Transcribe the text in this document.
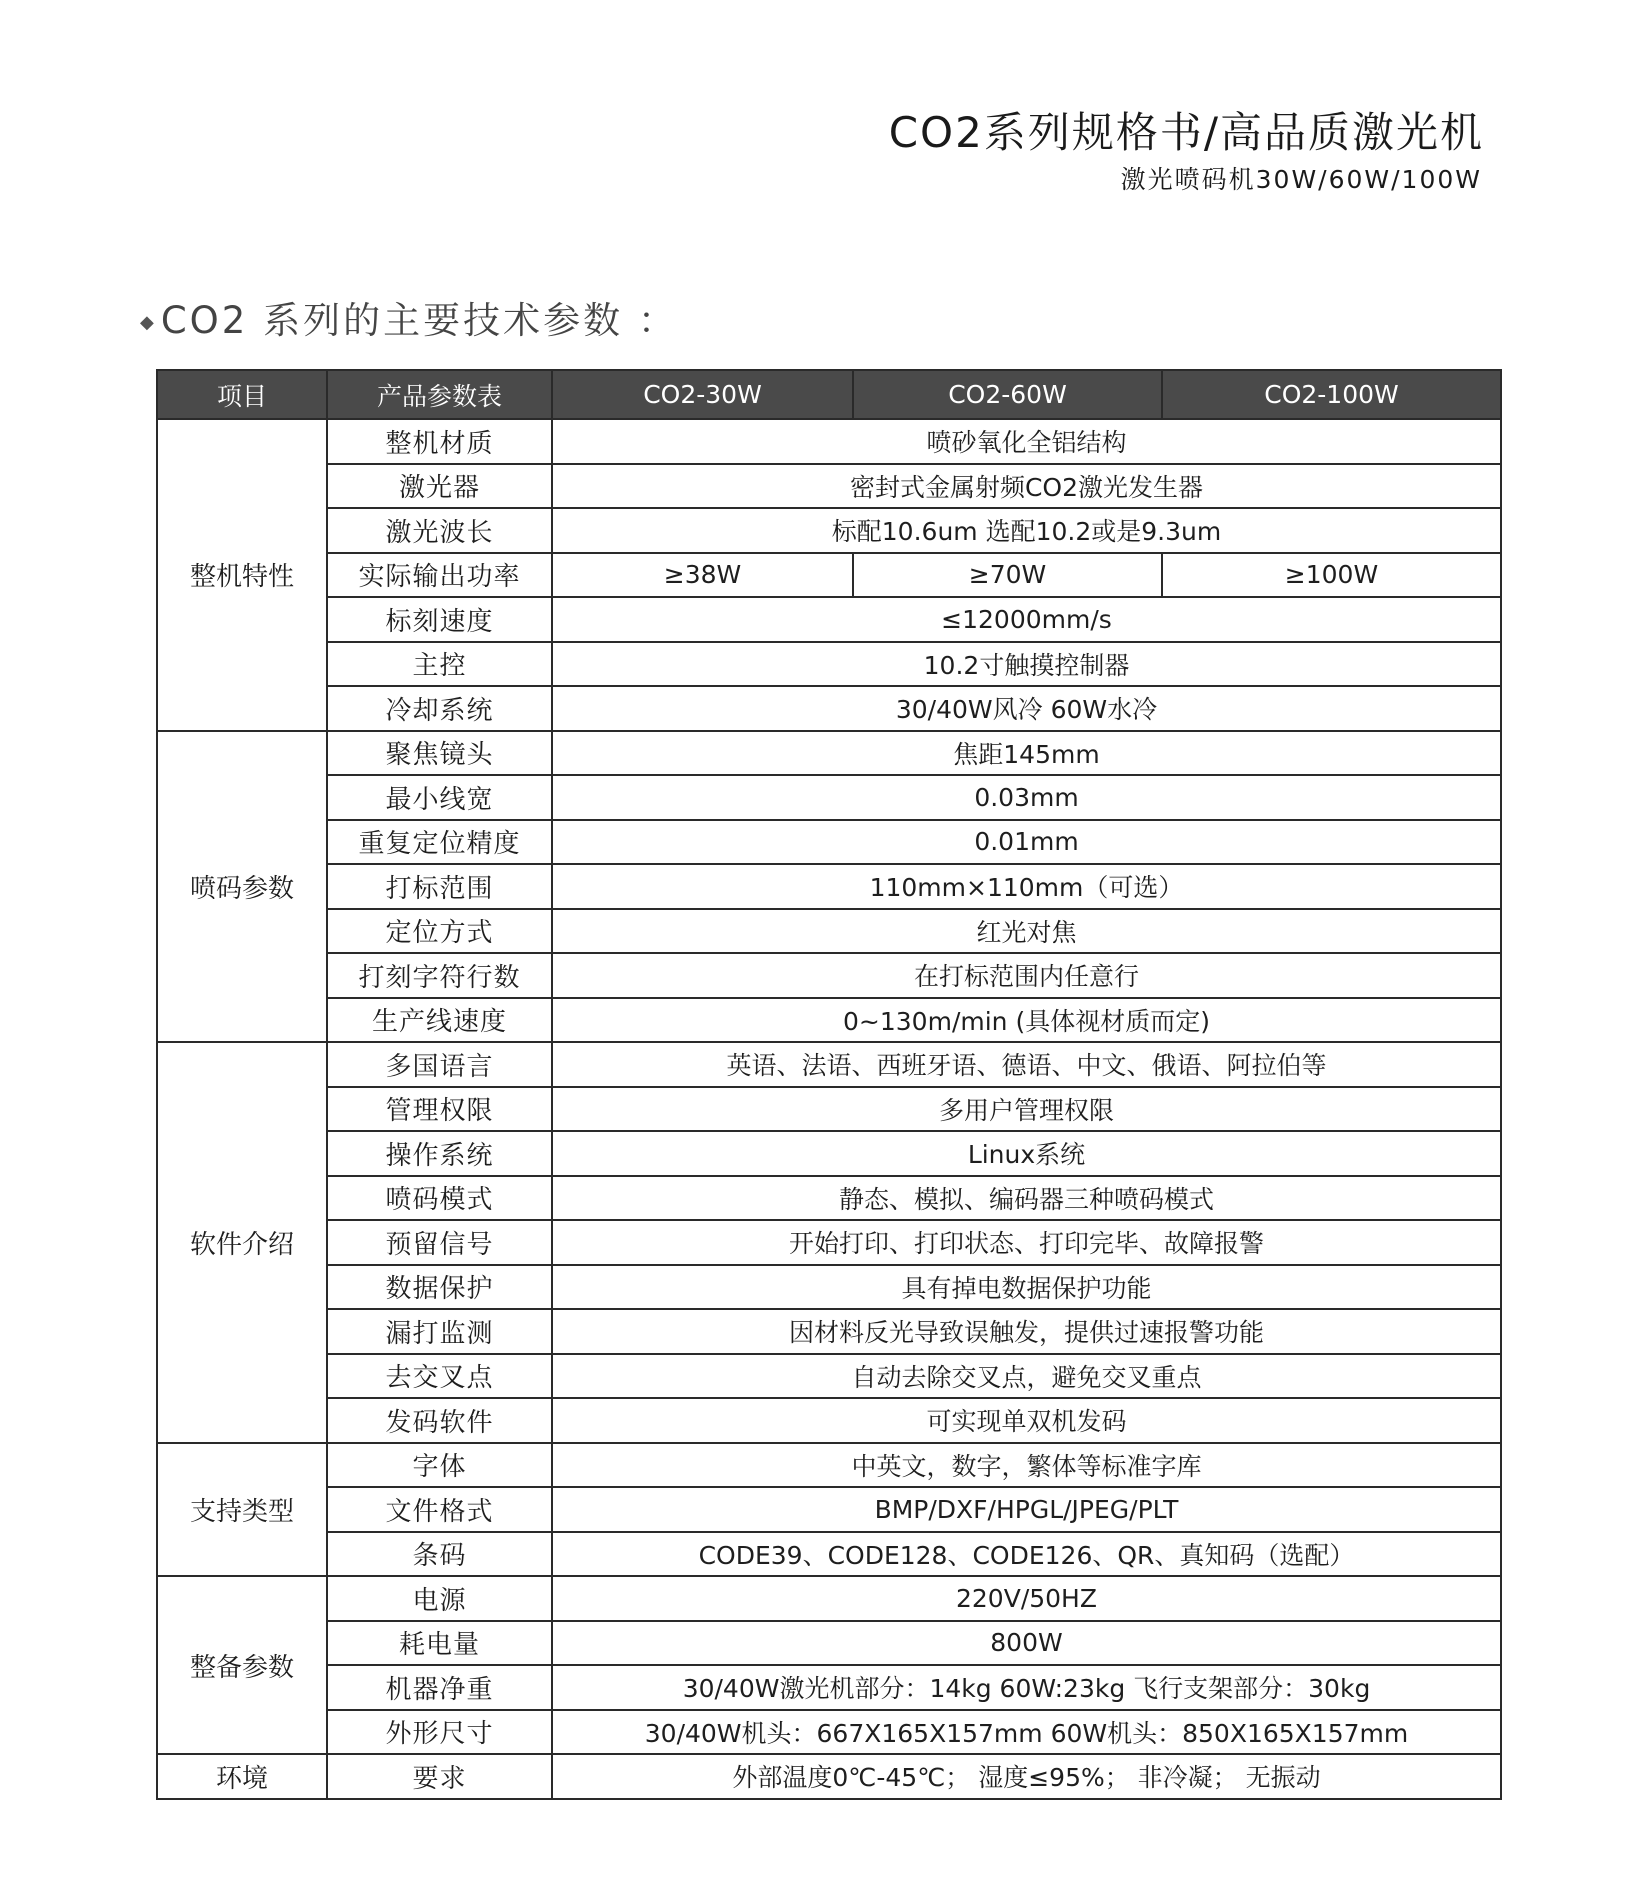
CO2系列规格书/高品质激光机
激光喷码机30W/60W/100W
◆ CO2 系列的主要技术参数 ：
项目	产品参数表	CO2-30W	CO2-60W	CO2-100W
整机特性	整机材质	喷砂氧化全铝结构		
	激光器	密封式金属射频CO2激光发生器		
	激光波长	标配10.6um 选配10.2或是9.3um		
	实际输出功率	≥38W	≥70W	≥100W
	标刻速度	≤12000mm/s		
	主控	10.2寸触摸控制器		
	冷却系统	30/40W风冷 60W水冷		
喷码参数	聚焦镜头	焦距145mm		
	最小线宽	0.03mm		
	重复定位精度	0.01mm		
	打标范围	110mm×110mm（可选）		
	定位方式	红光对焦		
	打刻字符行数	在打标范围内任意行		
	生产线速度	0~130m/min (具体视材质而定)		
软件介绍	多国语言	英语、法语、西班牙语、德语、中文、俄语、阿拉伯等		
	管理权限	多用户管理权限		
	操作系统	Linux系统		
	喷码模式	静态、模拟、编码器三种喷码模式		
	预留信号	开始打印、打印状态、打印完毕、故障报警		
	数据保护	具有掉电数据保护功能		
	漏打监测	因材料反光导致误触发，提供过速报警功能		
	去交叉点	自动去除交叉点，避免交叉重点		
	发码软件	可实现单双机发码		
支持类型	字体	中英文，数字，繁体等标准字库		
	文件格式	BMP/DXF/HPGL/JPEG/PLT		
	条码	CODE39、CODE128、CODE126、QR、真知码（选配）		
整备参数	电源	220V/50HZ		
	耗电量	800W		
	机器净重	30/40W激光机部分：14kg 60W:23kg 飞行支架部分：30kg		
	外形尺寸	30/40W机头：667X165X157mm 60W机头：850X165X157mm		
环境	要求	外部温度0℃-45℃； 湿度≤95%； 非冷凝； 无振动		
